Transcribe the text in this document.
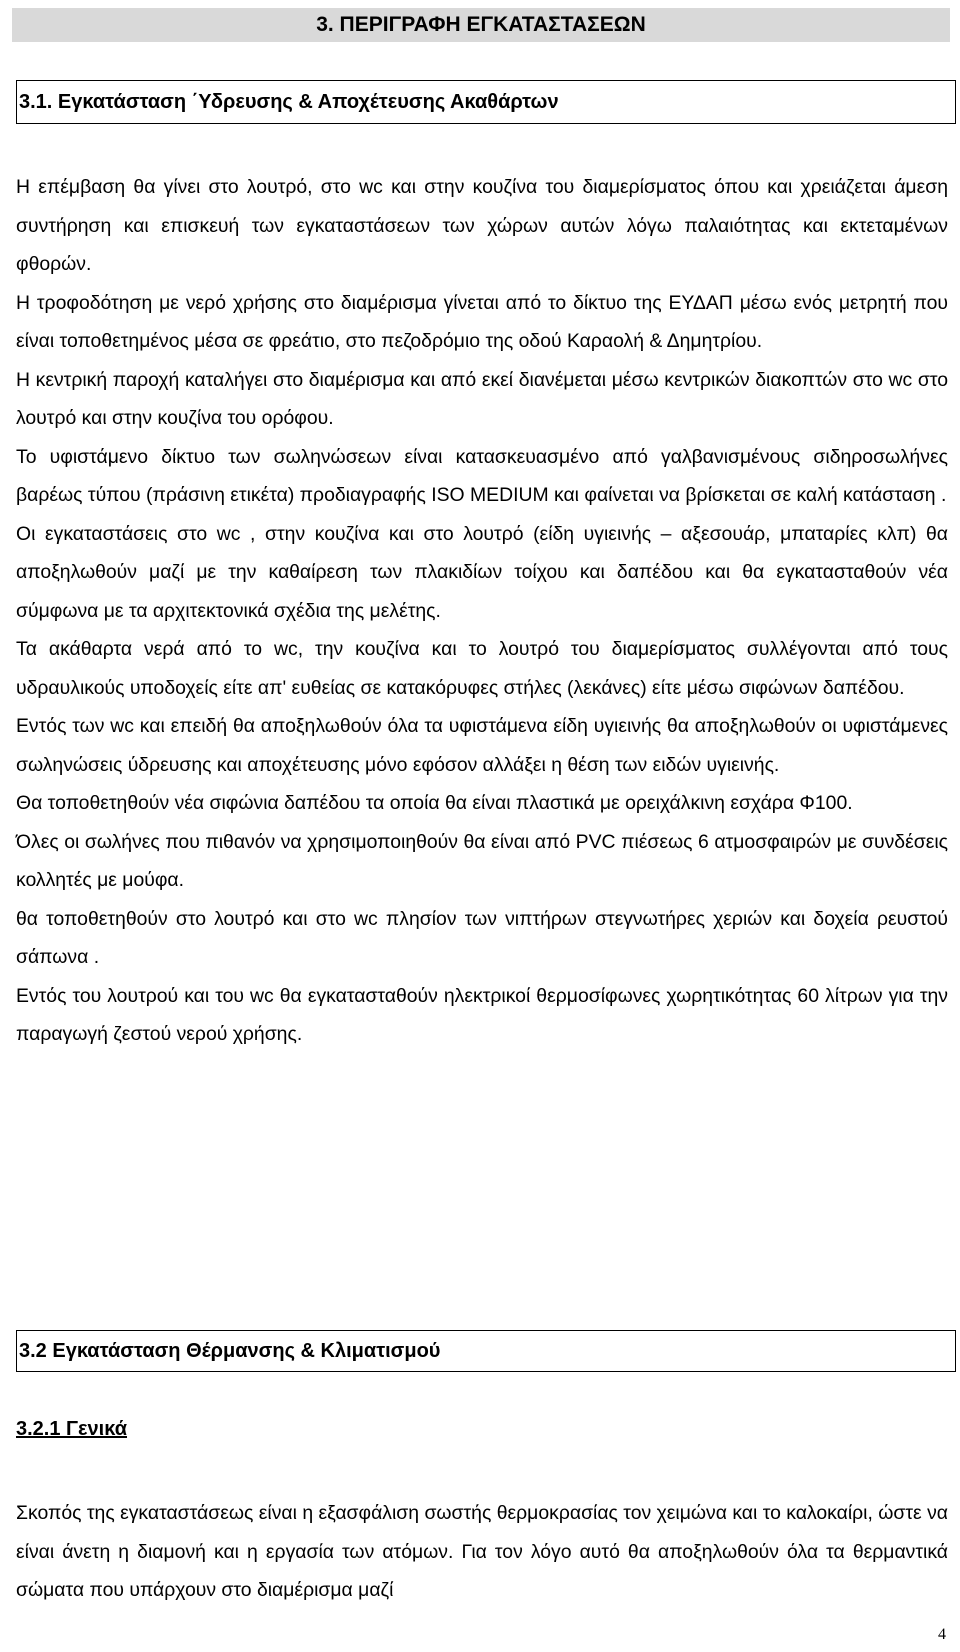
3. ΠΕΡΙΓΡΑΦΗ ΕΓΚΑΤΑΣΤΑΣΕΩΝ
3.1. Εγκατάσταση ΄Υδρευσης & Αποχέτευσης Ακαθάρτων

Η επέμβαση θα γίνει στο λουτρό, στο wc και στην κουζίνα του διαμερίσματος όπου και χρειάζεται άμεση συντήρηση και επισκευή των εγκαταστάσεων των χώρων αυτών λόγω παλαιότητας και εκτεταμένων φθορών.

Η τροφοδότηση με νερό χρήσης στο διαμέρισμα γίνεται από το δίκτυο της ΕΥΔΑΠ μέσω ενός μετρητή που είναι τοποθετημένος μέσα σε φρεάτιο, στο πεζοδρόμιο της οδού Καραολή & Δημητρίου.

Η κεντρική παροχή καταλήγει στο διαμέρισμα και από εκεί διανέμεται μέσω κεντρικών διακοπτών στο wc στο λουτρό και στην κουζίνα του ορόφου.

Το υφιστάμενο δίκτυο των σωληνώσεων είναι κατασκευασμένο από γαλβανισμένους σιδηροσωλήνες βαρέως τύπου (πράσινη ετικέτα) προδιαγραφής ISO MEDIUM και φαίνεται να βρίσκεται σε καλή κατάσταση .

Οι εγκαταστάσεις στο wc , στην κουζίνα και στο λουτρό (είδη υγιεινής – αξεσουάρ, μπαταρίες κλπ) θα αποξηλωθούν μαζί με την καθαίρεση των πλακιδίων τοίχου και δαπέδου και θα εγκατασταθούν νέα σύμφωνα με τα αρχιτεκτονικά σχέδια της μελέτης.

Τα ακάθαρτα νερά από το wc, την κουζίνα και το λουτρό του διαμερίσματος συλλέγονται από τους υδραυλικούς υποδοχείς είτε απ' ευθείας σε κατακόρυφες στήλες (λεκάνες) είτε μέσω σιφώνων δαπέδου.

Εντός των wc και επειδή θα αποξηλωθούν όλα τα υφιστάμενα είδη υγιεινής θα αποξηλωθούν οι υφιστάμενες σωληνώσεις ύδρευσης και αποχέτευσης μόνο εφόσον αλλάξει η θέση των ειδών υγιεινής.

Θα τοποθετηθούν νέα σιφώνια δαπέδου τα οποία θα είναι πλαστικά με ορειχάλκινη εσχάρα Φ100.

Όλες οι σωλήνες που πιθανόν να χρησιμοποιηθούν θα είναι από PVC πιέσεως 6 ατμοσφαιρών με συνδέσεις κολλητές με μούφα.

θα τοποθετηθούν στο λουτρό και στο wc πλησίον των νιπτήρων στεγνωτήρες χεριών και δοχεία ρευστού σάπωνα .

Εντός του λουτρού και του wc θα εγκατασταθούν ηλεκτρικοί θερμοσίφωνες χωρητικότητας 60 λίτρων για την παραγωγή ζεστού νερού χρήσης.

3.2 Εγκατάσταση Θέρμανσης & Κλιματισμού
3.2.1 Γενικά

Σκοπός της εγκαταστάσεως είναι η εξασφάλιση σωστής θερμοκρασίας τον χειμώνα και το καλοκαίρι, ώστε να είναι άνετη η διαμονή και η εργασία των ατόμων. Για τον λόγο αυτό θα αποξηλωθούν όλα τα θερμαντικά σώματα που υπάρχουν στο διαμέρισμα μαζί

4
